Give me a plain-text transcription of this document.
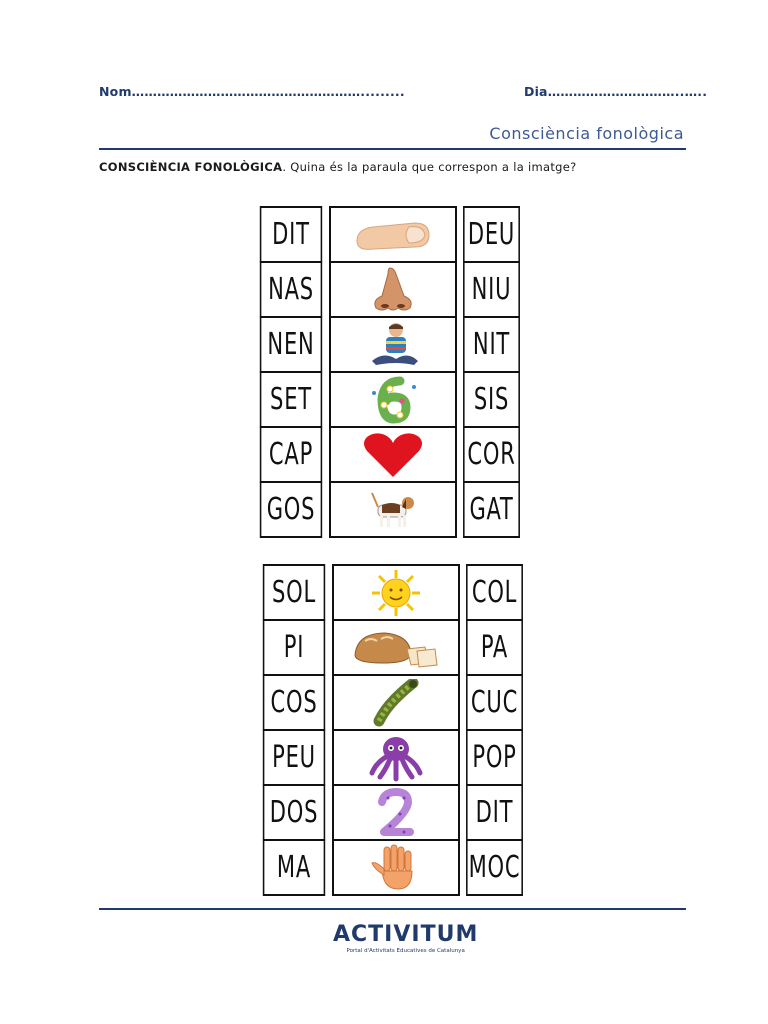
Nom……………………………………………….........	Dia…………………………..…..
Consciència fonològica
CONSCIÈNCIA FONOLÒGICA. Quina és la paraula que correspon a la imatge?
DIT	DEU
NAS	NIU
NEN	NIT
SET	SIS
CAP	COR
GOS	GAT
SOL	COL
PI	PA
COS	CUC
PEU	POP
DOS	DIT
MA	MOC
ACTIVITUM
Portal d'Activitats Educatives de Catalunya
